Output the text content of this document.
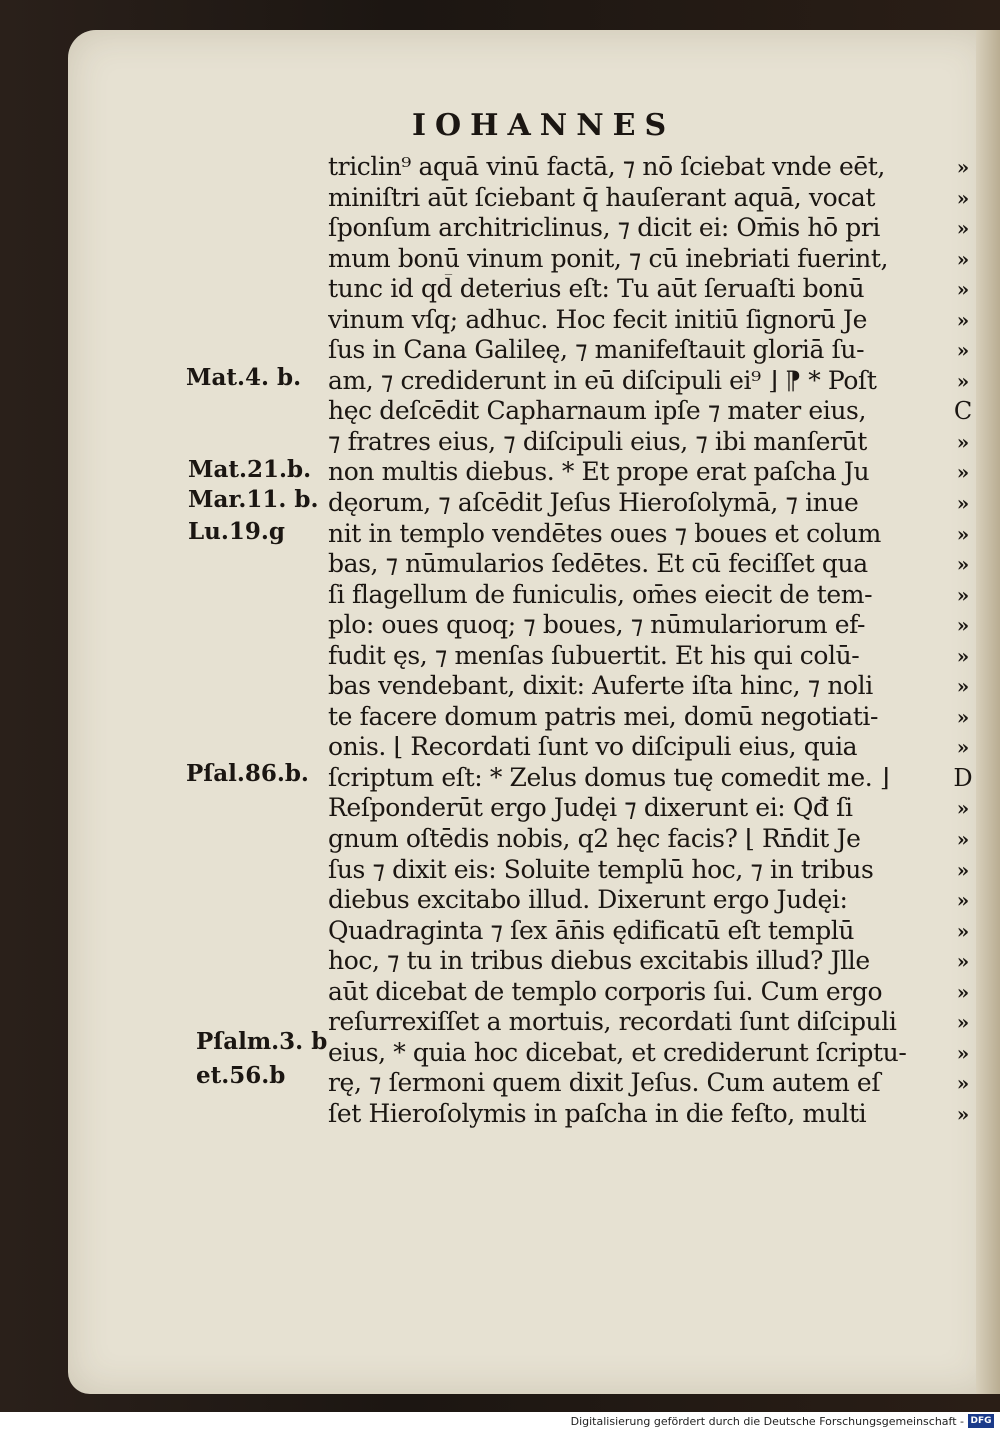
IOHANNES
triclin⁹ aquā vinū factā, ⁊ nō ſciebat vnde eēt,
miniſtri aūt ſciebant q̄ hauſerant aquā, vocat
ſponſum architriclinus, ⁊ dicit ei: Om̄is hō pri
mum bonū vinum ponit, ⁊ cū inebriati fuerint,
tunc id qd̄ deterius eſt: Tu aūt ſeruaſti bonū
vinum vſq; adhuc. Hoc fecit initiū ſignorū Je
ſus in Cana Galileę, ⁊ manifeſtauit gloriā ſu-
am, ⁊ crediderunt in eū diſcipuli ei⁹ ⌋ ⁋ * Poſt
hęc deſcēdit Capharnaum ipſe ⁊ mater eius,
⁊ fratres eius, ⁊ diſcipuli eius, ⁊ ibi manſerūt
non multis diebus. * Et prope erat paſcha Ju
dęorum, ⁊ aſcēdit Jeſus Hieroſolymā, ⁊ inue
nit in templo vendētes oues ⁊ boues et colum
bas, ⁊ nūmularios ſedētes. Et cū feciſſet qua
ſi flagellum de funiculis, om̄es eiecit de tem-
plo: oues quoq; ⁊ boues, ⁊ nūmulariorum ef-
fudit ęs, ⁊ menſas ſubuertit. Et his qui colū-
bas vendebant, dixit: Auferte iſta hinc, ⁊ noli
te facere domum patris mei, domū negotiati-
onis. ⌊ Recordati ſunt vo diſcipuli eius, quia
ſcriptum eſt: * Zelus domus tuę comedit me. ⌋
Reſponderūt ergo Judęi ⁊ dixerunt ei: Qđ ſi
gnum oſtēdis nobis, q2 hęc facis? ⌊ Rn̄dit Je
ſus ⁊ dixit eis: Soluite templū hoc, ⁊ in tribus
diebus excitabo illud. Dixerunt ergo Judęi:
Quadraginta ⁊ ſex ān̄is ędificatū eſt templū
hoc, ⁊ tu in tribus diebus excitabis illud? Jlle
aūt dicebat de templo corporis ſui. Cum ergo
reſurrexiſſet a mortuis, recordati ſunt diſcipuli
eius, * quia hoc dicebat, et crediderunt ſcriptu-
rę, ⁊ ſermoni quem dixit Jeſus. Cum autem eſ
ſet Hieroſolymis in paſcha in die feſto, multi
»
»
»
»
»
»
»
»
C
»
»
»
»
»
»
»
»
»
»
»
D
»
»
»
»
»
»
»
»
»
»
»
Mat.4. b.
Mat.21.b.
Mar.11. b.
Lu.19.g
Pſal.86.b.
Pſalm.3. b
et.56.b
Digitalisierung gefördert durch die Deutsche Forschungsgemeinschaft - DFG
